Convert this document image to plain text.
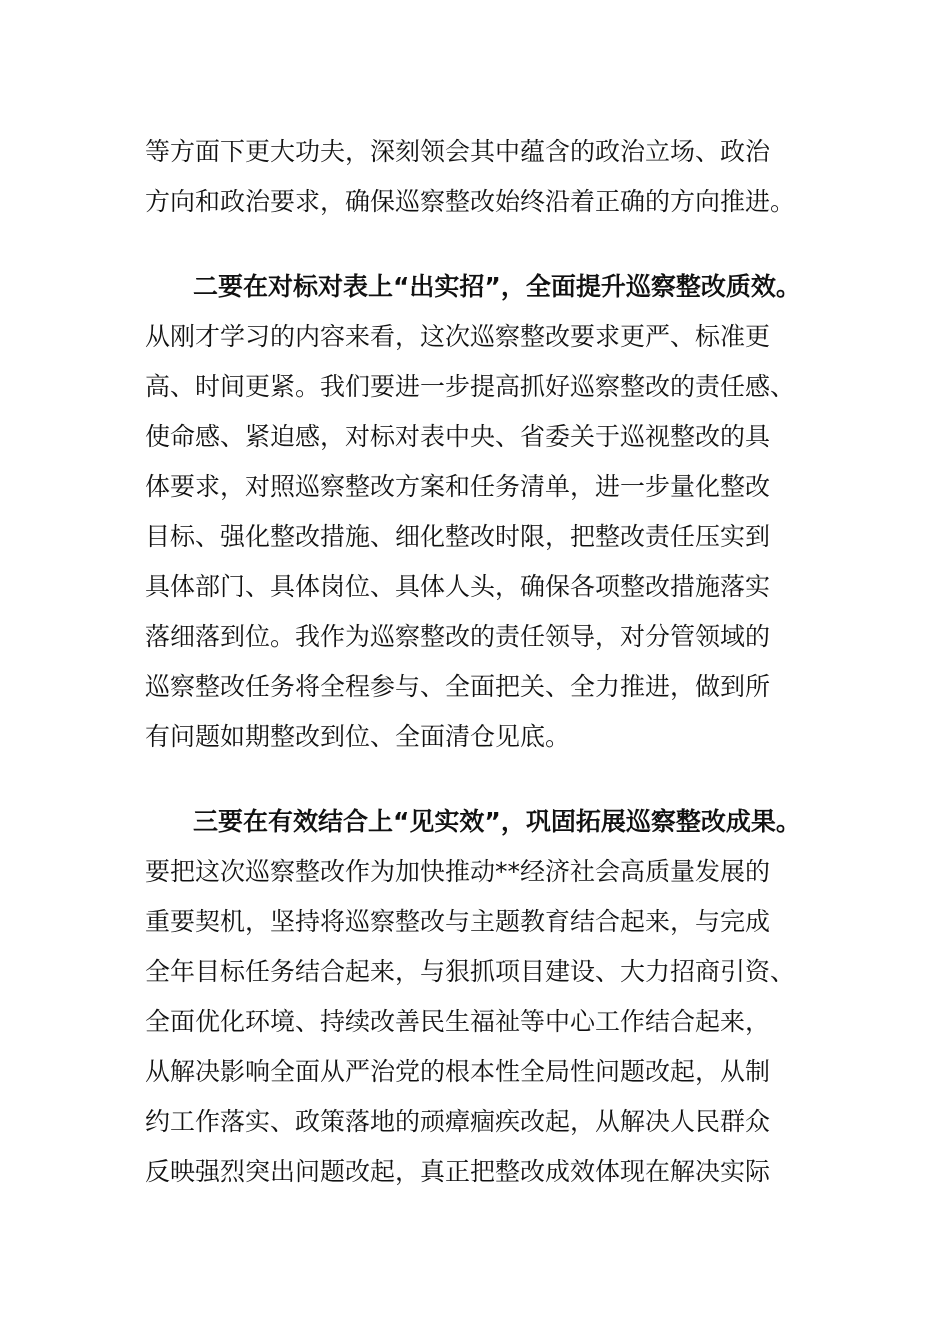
等方面下更大功夫，深刻领会其中蕴含的政治立场、政治
方向和政治要求，确保巡察整改始终沿着正确的方向推进。
二要在对标对表上“出实招”，全面提升巡察整改质效。
从刚才学习的内容来看，这次巡察整改要求更严、标准更
高、时间更紧。我们要进一步提高抓好巡察整改的责任感、
使命感、紧迫感，对标对表中央、省委关于巡视整改的具
体要求，对照巡察整改方案和任务清单，进一步量化整改
目标、强化整改措施、细化整改时限，把整改责任压实到
具体部门、具体岗位、具体人头，确保各项整改措施落实
落细落到位。我作为巡察整改的责任领导，对分管领域的
巡察整改任务将全程参与、全面把关、全力推进，做到所
有问题如期整改到位、全面清仓见底。
三要在有效结合上“见实效”，巩固拓展巡察整改成果。
要把这次巡察整改作为加快推动**经济社会高质量发展的
重要契机，坚持将巡察整改与主题教育结合起来，与完成
全年目标任务结合起来，与狠抓项目建设、大力招商引资、
全面优化环境、持续改善民生福祉等中心工作结合起来，
从解决影响全面从严治党的根本性全局性问题改起，从制
约工作落实、政策落地的顽瘴痼疾改起，从解决人民群众
反映强烈突出问题改起，真正把整改成效体现在解决实际
